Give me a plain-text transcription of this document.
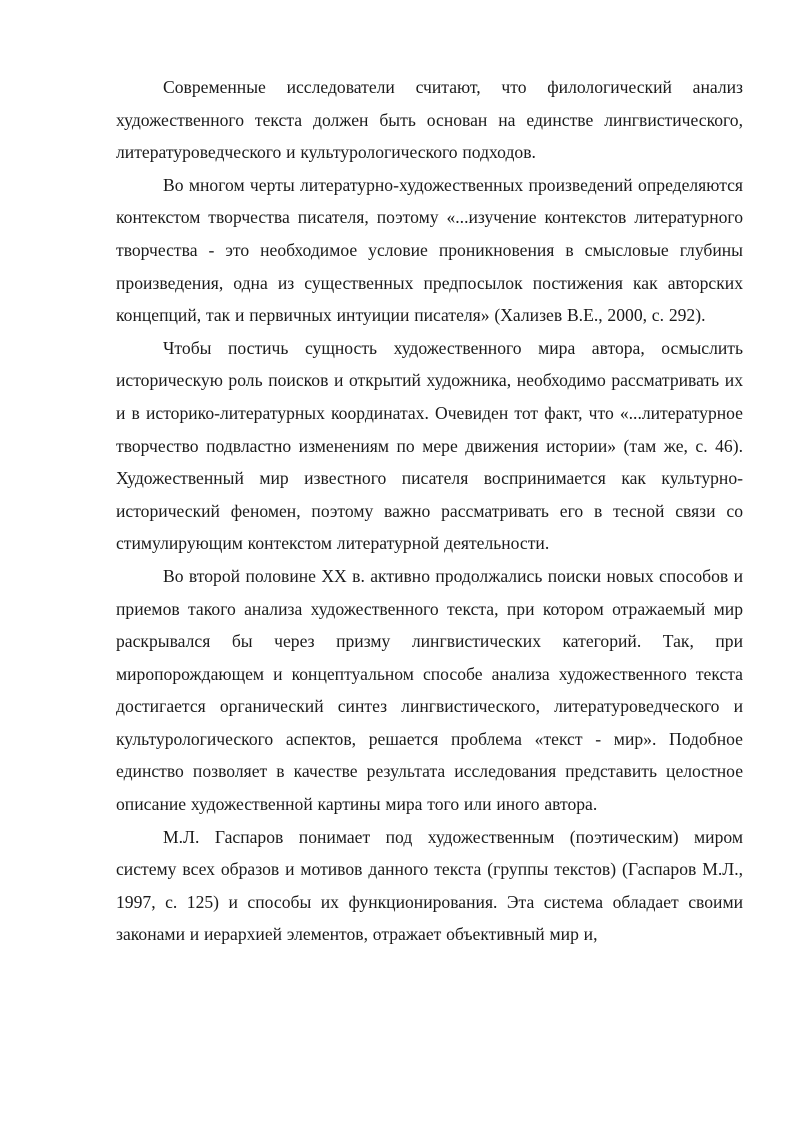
Современные исследователи считают, что филологический анализ художественного текста должен быть основан на единстве лингвистического, литературоведческого и культурологического подходов.

Во многом черты литературно-художественных произведений определяются контекстом творчества писателя, поэтому «...изучение контекстов литературного творчества - это необходимое условие проникновения в смысловые глубины произведения, одна из существенных предпосылок постижения как авторских концепций, так и первичных интуиции писателя» (Хализев В.Е., 2000, с. 292).

Чтобы постичь сущность художественного мира автора, осмыслить историческую роль поисков и открытий художника, необходимо рассматривать их и в историко-литературных координатах. Очевиден тот факт, что «...литературное творчество подвластно изменениям по мере движения истории» (там же, с. 46). Художественный мир известного писателя воспринимается как культурно-исторический феномен, поэтому важно рассматривать его в тесной связи со стимулирующим контекстом литературной деятельности.

Во второй половине XX в. активно продолжались поиски новых способов и приемов такого анализа художественного текста, при котором отражаемый мир раскрывался бы через призму лингвистических категорий. Так, при миропорождающем и концептуальном способе анализа художественного текста достигается органический синтез лингвистического, литературоведческого и культурологического аспектов, решается проблема «текст - мир». Подобное единство позволяет в качестве результата исследования представить целостное описание художественной картины мира того или иного автора.

М.Л. Гаспаров понимает под художественным (поэтическим) миром систему всех образов и мотивов данного текста (группы текстов) (Гаспаров М.Л., 1997, с. 125) и способы их функционирования. Эта система обладает своими законами и иерархией элементов, отражает объективный мир и,
